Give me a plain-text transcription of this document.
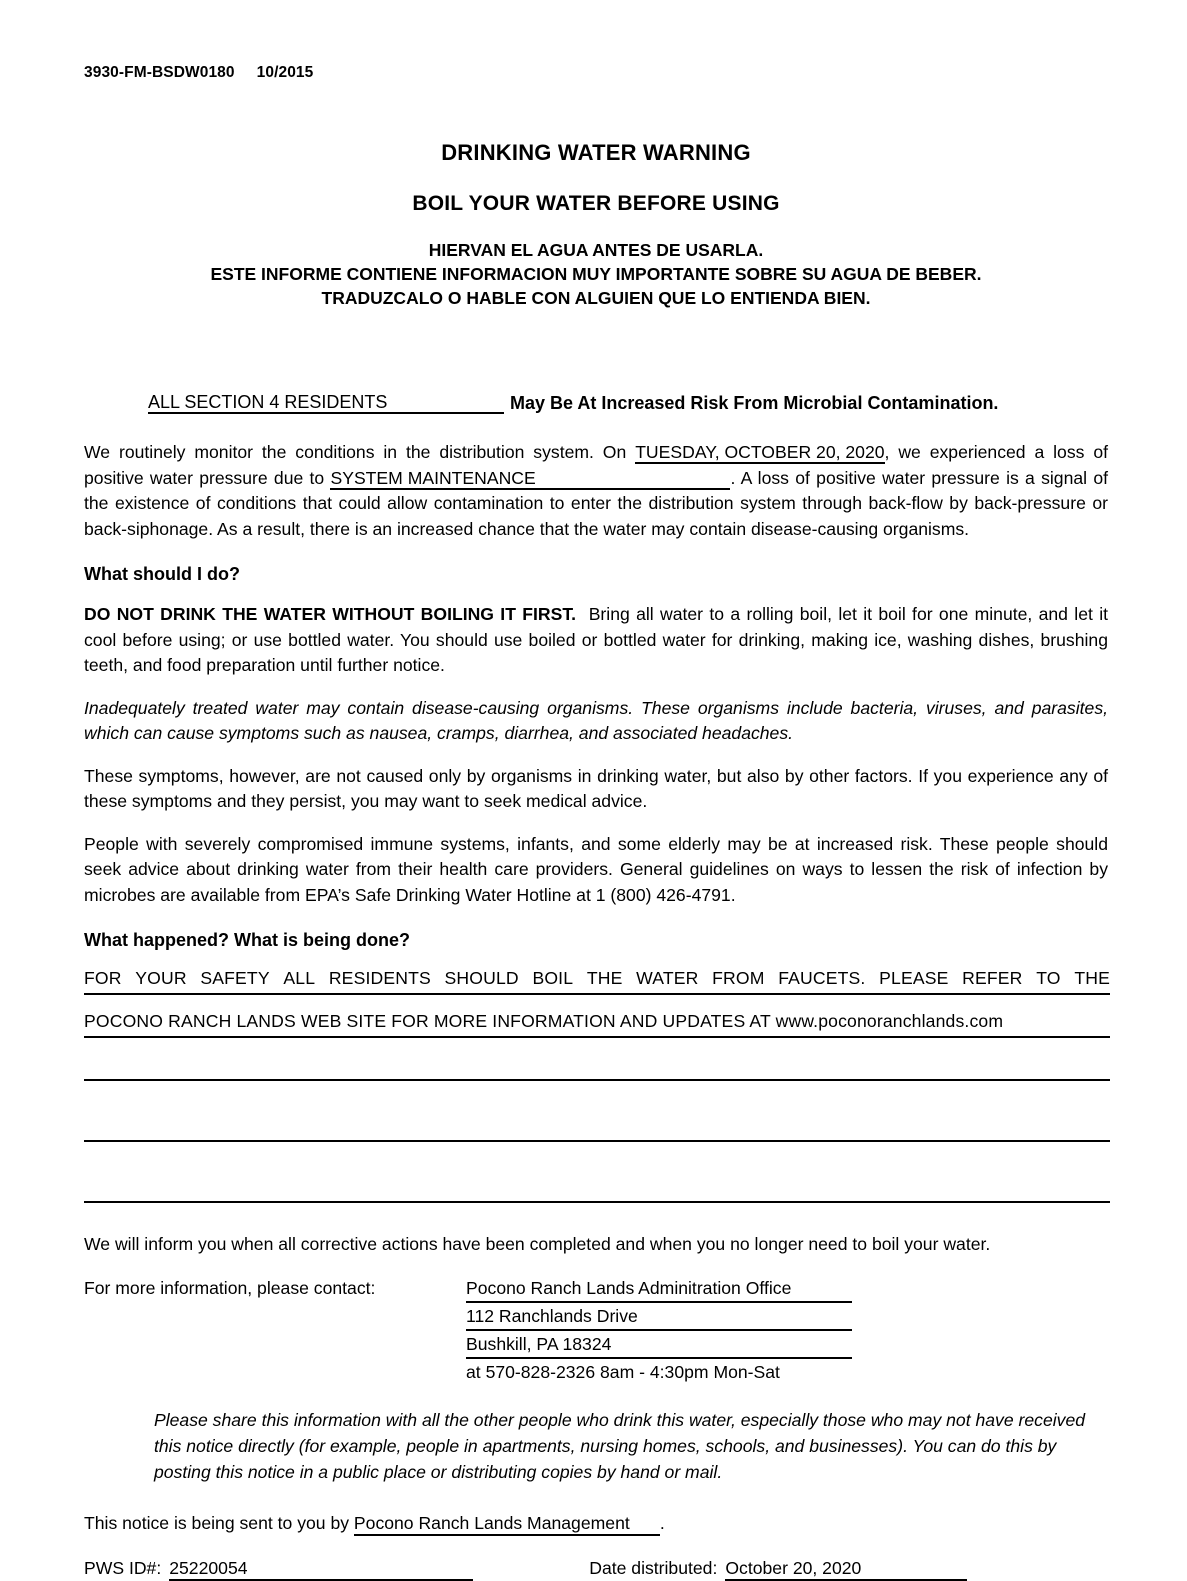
3930-FM-BSDW0180 10/2015
DRINKING WATER WARNING
BOIL YOUR WATER BEFORE USING
HIERVAN EL AGUA ANTES DE USARLA.
ESTE INFORME CONTIENE INFORMACION MUY IMPORTANTE SOBRE SU AGUA DE BEBER.
TRADUZCALO O HABLE CON ALGUIEN QUE LO ENTIENDA BIEN.
ALL SECTION 4 RESIDENTS	May Be At Increased Risk From Microbial Contamination.

We routinely monitor the conditions in the distribution system. On TUESDAY, OCTOBER 20, 2020, we experienced a loss of positive water pressure due to SYSTEM MAINTENANCE	. A loss of positive water pressure is a signal of the existence of conditions that could allow contamination to enter the distribution system through back-flow by back-pressure or back-siphonage. As a result, there is an increased chance that the water may contain disease-causing organisms.

What should I do?

DO NOT DRINK THE WATER WITHOUT BOILING IT FIRST. Bring all water to a rolling boil, let it boil for one minute, and let it cool before using; or use bottled water. You should use boiled or bottled water for drinking, making ice, washing dishes, brushing teeth, and food preparation until further notice.

Inadequately treated water may contain disease-causing organisms. These organisms include bacteria, viruses, and parasites, which can cause symptoms such as nausea, cramps, diarrhea, and associated headaches.

These symptoms, however, are not caused only by organisms in drinking water, but also by other factors. If you experience any of these symptoms and they persist, you may want to seek medical advice.

People with severely compromised immune systems, infants, and some elderly may be at increased risk. These people should seek advice about drinking water from their health care providers. General guidelines on ways to lessen the risk of infection by microbes are available from EPA’s Safe Drinking Water Hotline at 1 (800) 426-4791.

What happened? What is being done?
FOR YOUR SAFETY ALL RESIDENTS SHOULD BOIL THE WATER FROM FAUCETS. PLEASE REFER TO THE
POCONO RANCH LANDS WEB SITE FOR MORE INFORMATION AND UPDATES AT www.poconoranchlands.com

We will inform you when all corrective actions have been completed and when you no longer need to boil your water.

For more information, please contact:	Pocono Ranch Lands Adminitration Office
112 Ranchlands Drive
Bushkill, PA 18324
at 570-828-2326 8am - 4:30pm Mon-Sat

Please share this information with all the other people who drink this water, especially those who may not have received this notice directly (for example, people in apartments, nursing homes, schools, and businesses). You can do this by posting this notice in a public place or distributing copies by hand or mail.

This notice is being sent to you by Pocono Ranch Lands Management .
PWS ID#: 25220054	Date distributed: October 20, 2020
